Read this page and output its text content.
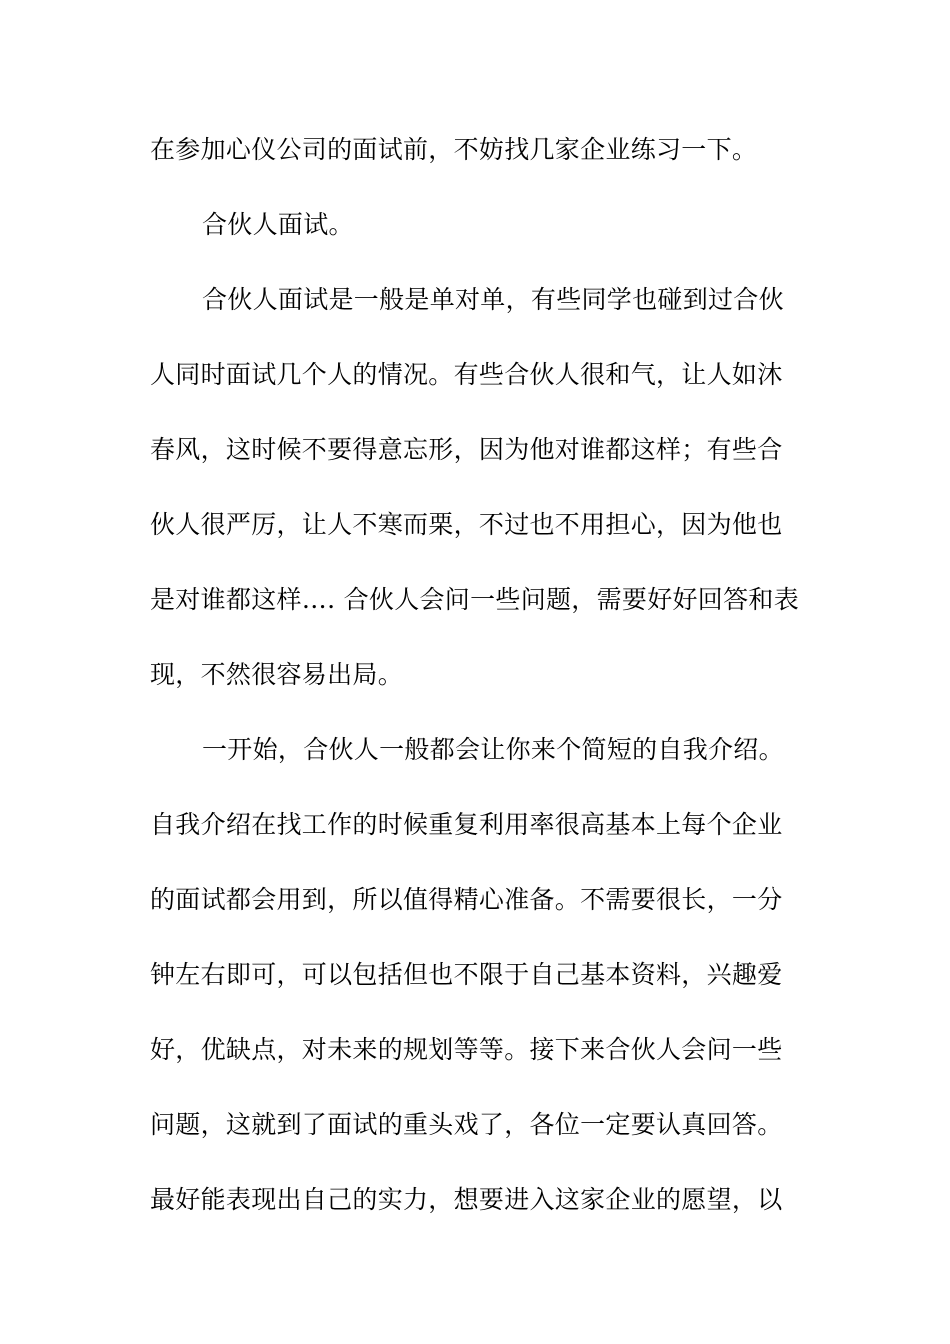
在参加心仪公司的面试前，不妨找几家企业练习一下。
合伙人面试。
合伙人面试是一般是单对单，有些同学也碰到过合伙
人同时面试几个人的情况。有些合伙人很和气，让人如沐
春风，这时候不要得意忘形，因为他对谁都这样；有些合
伙人很严厉，让人不寒而栗，不过也不用担心，因为他也
是对谁都这样…. 合伙人会问一些问题，需要好好回答和表
现，不然很容易出局。
一开始，合伙人一般都会让你来个简短的自我介绍。
自我介绍在找工作的时候重复利用率很高基本上每个企业
的面试都会用到，所以值得精心准备。不需要很长，一分
钟左右即可，可以包括但也不限于自己基本资料，兴趣爱
好，优缺点，对未来的规划等等。接下来合伙人会问一些
问题，这就到了面试的重头戏了，各位一定要认真回答。
最好能表现出自己的实力，想要进入这家企业的愿望，以
